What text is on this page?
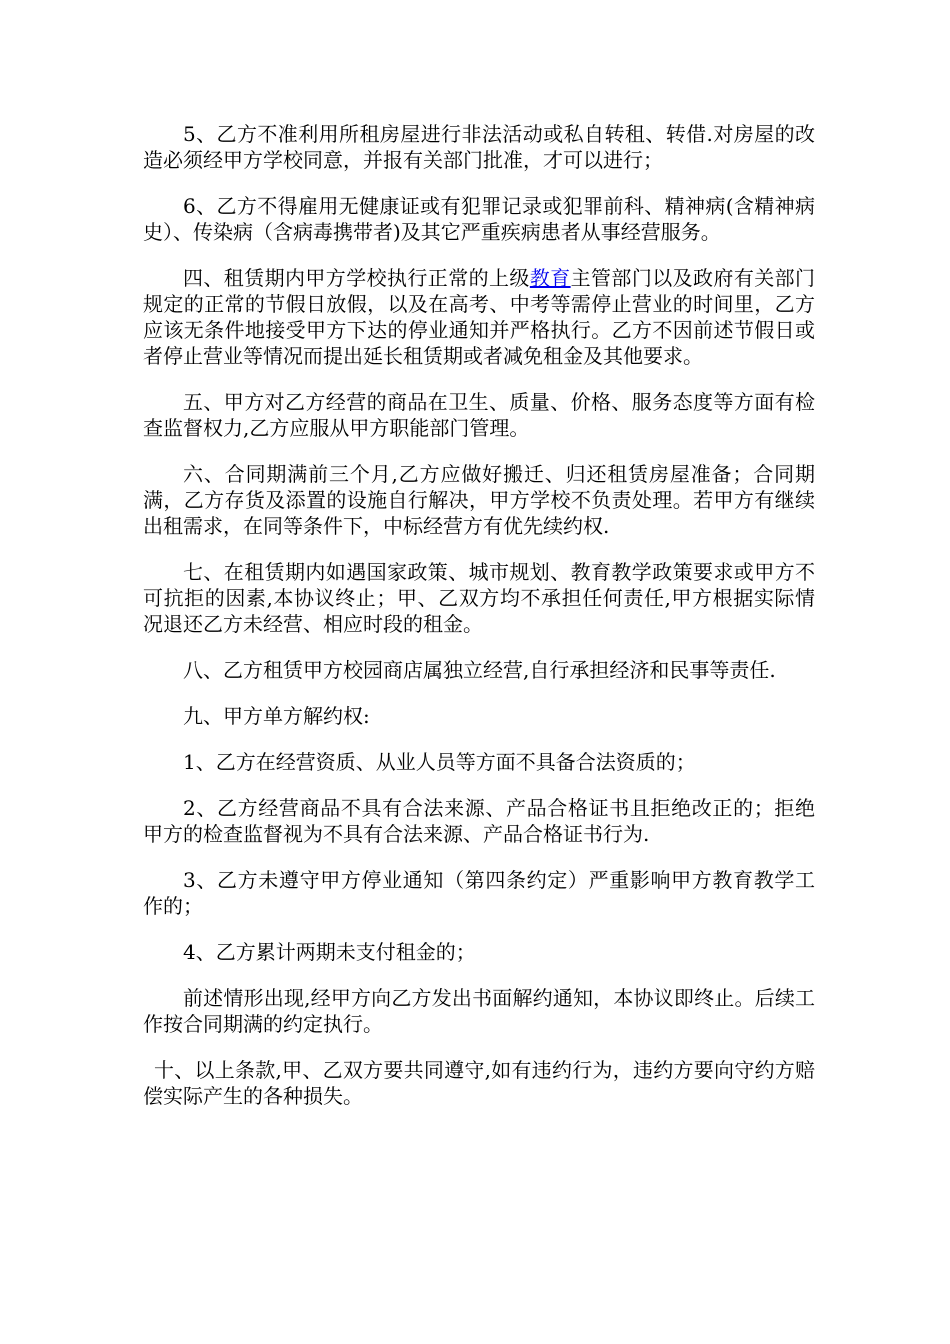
5、乙方不准利用所租房屋进行非法活动或私自转租、转借.对房屋的改造必须经甲方学校同意，并报有关部门批准，才可以进行；

6、乙方不得雇用无健康证或有犯罪记录或犯罪前科、精神病(含精神病史）、传染病（含病毒携带者)及其它严重疾病患者从事经营服务。

四、租赁期内甲方学校执行正常的上级教育主管部门以及政府有关部门规定的正常的节假日放假，以及在高考、中考等需停止营业的时间里，乙方应该无条件地接受甲方下达的停业通知并严格执行。乙方不因前述节假日或者停止营业等情况而提出延长租赁期或者减免租金及其他要求。

五、甲方对乙方经营的商品在卫生、质量、价格、服务态度等方面有检查监督权力,乙方应服从甲方职能部门管理。

六、合同期满前三个月,乙方应做好搬迁、归还租赁房屋准备；合同期满，乙方存货及添置的设施自行解决，甲方学校不负责处理。若甲方有继续出租需求，在同等条件下，中标经营方有优先续约权.

七、在租赁期内如遇国家政策、城市规划、教育教学政策要求或甲方不可抗拒的因素,本协议终止；甲、乙双方均不承担任何责任,甲方根据实际情况退还乙方未经营、相应时段的租金。

八、乙方租赁甲方校园商店属独立经营,自行承担经济和民事等责任.

九、甲方单方解约权:

1、乙方在经营资质、从业人员等方面不具备合法资质的；

2、乙方经营商品不具有合法来源、产品合格证书且拒绝改正的；拒绝甲方的检查监督视为不具有合法来源、产品合格证书行为.

3、乙方未遵守甲方停业通知（第四条约定）严重影响甲方教育教学工作的；

4、乙方累计两期未支付租金的；

前述情形出现,经甲方向乙方发出书面解约通知，本协议即终止。后续工作按合同期满的约定执行。

十、以上条款,甲、乙双方要共同遵守,如有违约行为，违约方要向守约方赔偿实际产生的各种损失。
